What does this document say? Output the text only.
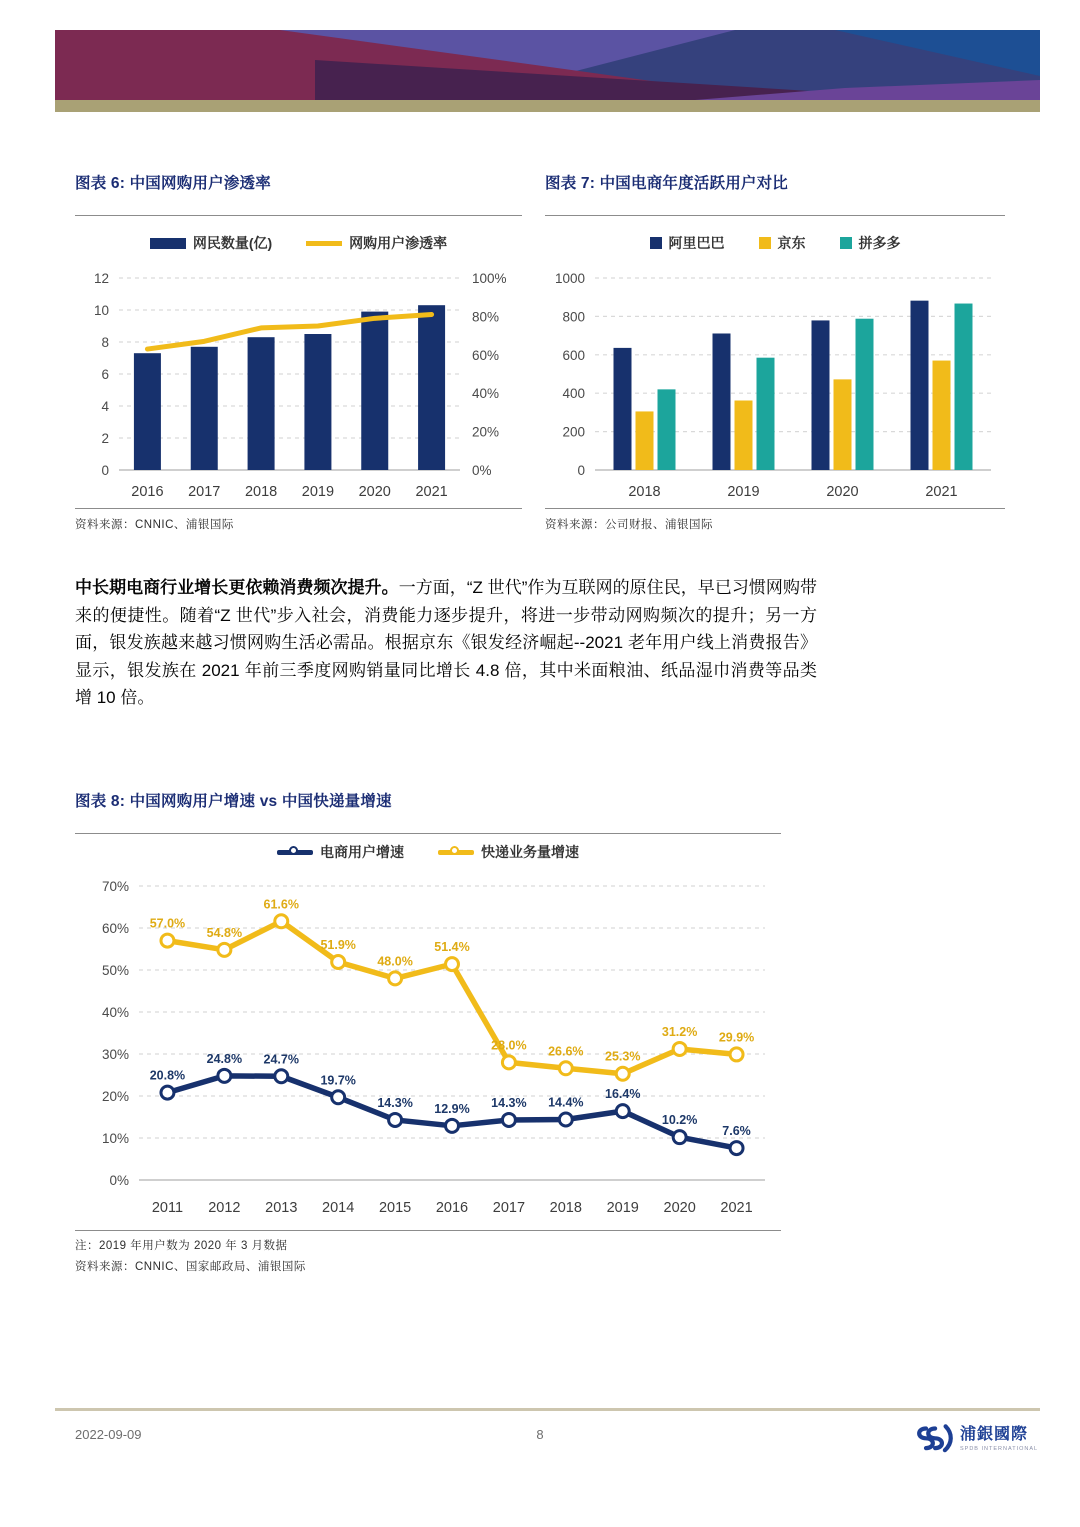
图表 6: 中国网购用户渗透率
网民数量(亿)	网购用户渗透率
0
2
4
6
8
10
12
0%
20%
40%
60%
80%
100%
2016 2017 2018 2019 2020 2021
资料来源：CNNIC、浦银国际
图表 7: 中国电商年度活跃用户对比
阿里巴巴	京东	拼多多
0
200
400
600
800
1000
2018	2019	2020	2021
资料来源：公司财报、浦银国际

中长期电商行业增长更依赖消费频次提升。一方面，“Z 世代”作为互联网的原住民，早已习惯网购带来的便捷性。随着“Z 世代”步入社会，消费能力逐步提升，将进一步带动网购频次的提升；另一方面，银发族越来越习惯网购生活必需品。根据京东《银发经济崛起--2021 老年用户线上消费报告》显示，银发族在 2021 年前三季度网购销量同比增长 4.8 倍，其中米面粮油、纸品湿巾消费等品类增 10 倍。

图表 8: 中国网购用户增速 vs 中国快递量增速
电商用户增速	快递业务量增速
0%
10%
20%
30%
40%
50%
60%
70%
57.0%
54.8%
61.6%
51.9%
48.0%
51.4%
28.0% 26.6% 25.3%
31.2% 29.9%
20.8%
24.8% 24.7%
19.7%
14.3% 12.9% 14.3% 14.4%
16.4%
10.2%
7.6%
2011 2012 2013 2014 2015 2016 2017 2018 2019 2020 2021
注：2019 年用户数为 2020 年 3 月数据
资料来源：CNNIC、国家邮政局、浦银国际
2022-09-09	8	浦銀國際
SPDB INTERNATIONAL
